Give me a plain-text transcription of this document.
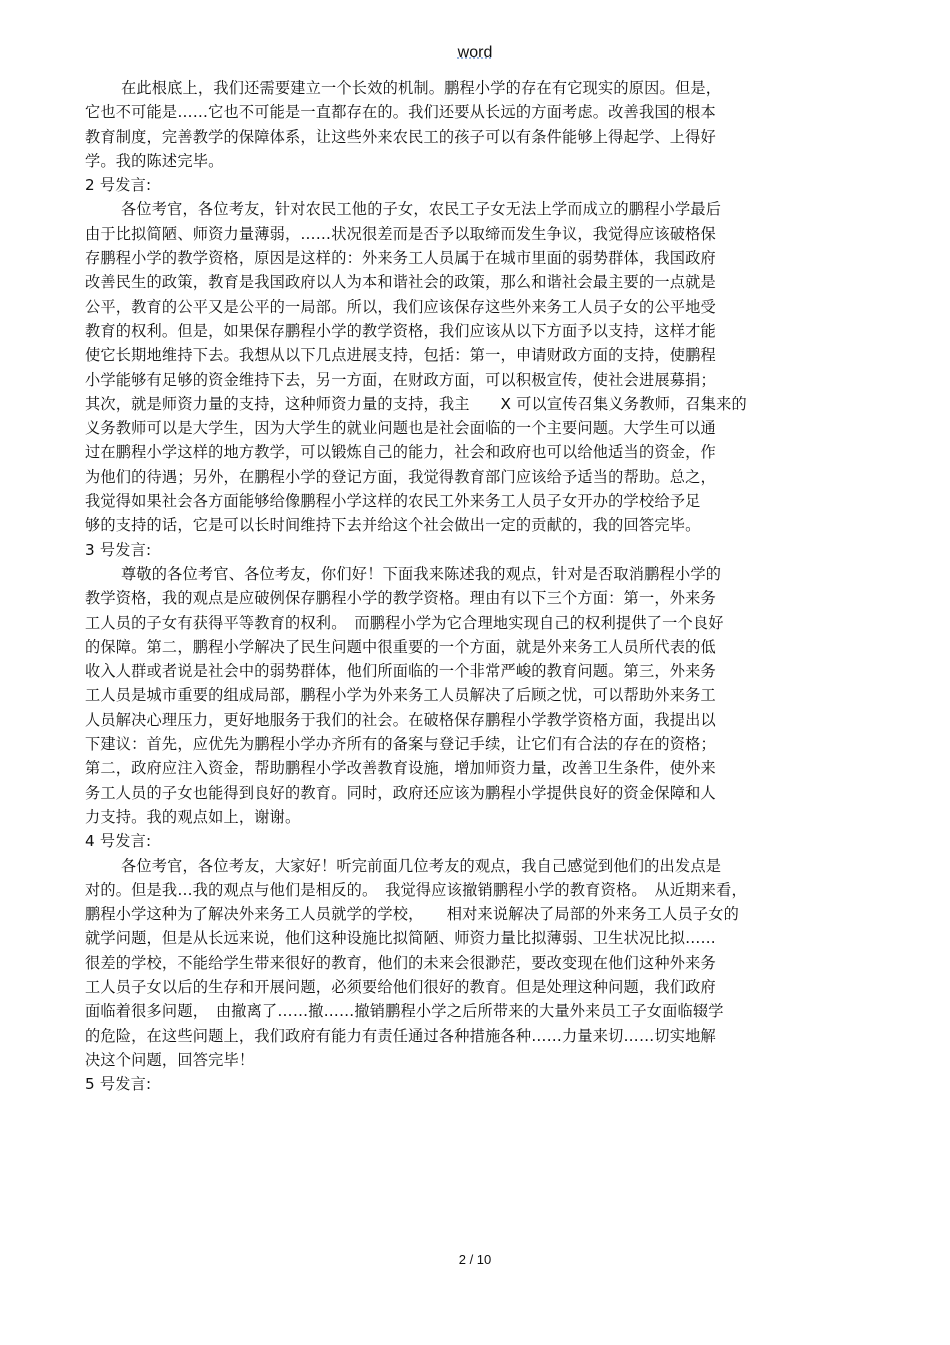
word
在此根底上，我们还需要建立一个长效的机制。鹏程小学的存在有它现实的原因。但是，
它也不可能是……它也不可能是一直都存在的。我们还要从长远的方面考虑。改善我国的根本
教育制度，完善教学的保障体系，让这些外来农民工的孩子可以有条件能够上得起学、上得好
学。我的陈述完毕。
2 号发言:
各位考官，各位考友，针对农民工他的子女，农民工子女无法上学而成立的鹏程小学最后
由于比拟简陋、师资力量薄弱，……状况很差而是否予以取缔而发生争议，我觉得应该破格保
存鹏程小学的教学资格，原因是这样的：外来务工人员属于在城市里面的弱势群体，我国政府
改善民生的政策，教育是我国政府以人为本和谐社会的政策，那么和谐社会最主要的一点就是
公平，教育的公平又是公平的一局部。所以，我们应该保存这些外来务工人员子女的公平地受
教育的权利。但是，如果保存鹏程小学的教学资格，我们应该从以下方面予以支持，这样才能
使它长期地维持下去。我想从以下几点进展支持，包括：第一，申请财政方面的支持，使鹏程
小学能够有足够的资金维持下去，另一方面，在财政方面，可以积极宣传，使社会进展募捐；
其次，就是师资力量的支持，这种师资力量的支持，我主　　X 可以宣传召集义务教师，召集来的
义务教师可以是大学生，因为大学生的就业问题也是社会面临的一个主要问题。大学生可以通
过在鹏程小学这样的地方教学，可以锻炼自己的能力，社会和政府也可以给他适当的资金，作
为他们的待遇；另外，在鹏程小学的登记方面，我觉得教育部门应该给予适当的帮助。总之，
我觉得如果社会各方面能够给像鹏程小学这样的农民工外来务工人员子女开办的学校给予足
够的支持的话，它是可以长时间维持下去并给这个社会做出一定的贡献的，我的回答完毕。
3 号发言:
尊敬的各位考官、各位考友，你们好！下面我来陈述我的观点，针对是否取消鹏程小学的
教学资格，我的观点是应破例保存鹏程小学的教学资格。理由有以下三个方面：第一，外来务
工人员的子女有获得平等教育的权利。　而鹏程小学为它合理地实现自己的权利提供了一个良好
的保障。第二，鹏程小学解决了民生问题中很重要的一个方面，就是外来务工人员所代表的低
收入人群或者说是社会中的弱势群体，他们所面临的一个非常严峻的教育问题。第三，外来务
工人员是城市重要的组成局部，鹏程小学为外来务工人员解决了后顾之忧，可以帮助外来务工
人员解决心理压力，更好地服务于我们的社会。在破格保存鹏程小学教学资格方面，我提出以
下建议：首先，应优先为鹏程小学办齐所有的备案与登记手续，让它们有合法的存在的资格；
第二，政府应注入资金，帮助鹏程小学改善教育设施，增加师资力量，改善卫生条件，使外来
务工人员的子女也能得到良好的教育。同时，政府还应该为鹏程小学提供良好的资金保障和人
力支持。我的观点如上，谢谢。
4 号发言:
各位考官，各位考友，大家好！听完前面几位考友的观点，我自己感觉到他们的出发点是
对的。但是我…我的观点与他们是相反的。　我觉得应该撤销鹏程小学的教育资格。　从近期来看，
鹏程小学这种为了解决外来务工人员就学的学校，　　相对来说解决了局部的外来务工人员子女的
就学问题，但是从长远来说，他们这种设施比拟简陋、师资力量比拟薄弱、卫生状况比拟……
很差的学校，不能给学生带来很好的教育，他们的未来会很渺茫，要改变现在他们这种外来务
工人员子女以后的生存和开展问题，必须要给他们很好的教育。但是处理这种问题，我们政府
面临着很多问题，　由撤离了……撤……撤销鹏程小学之后所带来的大量外来员工子女面临辍学
的危险，在这些问题上，我们政府有能力有责任通过各种措施各种……力量来切……切实地解
决这个问题，回答完毕！
5 号发言:
2 / 10
